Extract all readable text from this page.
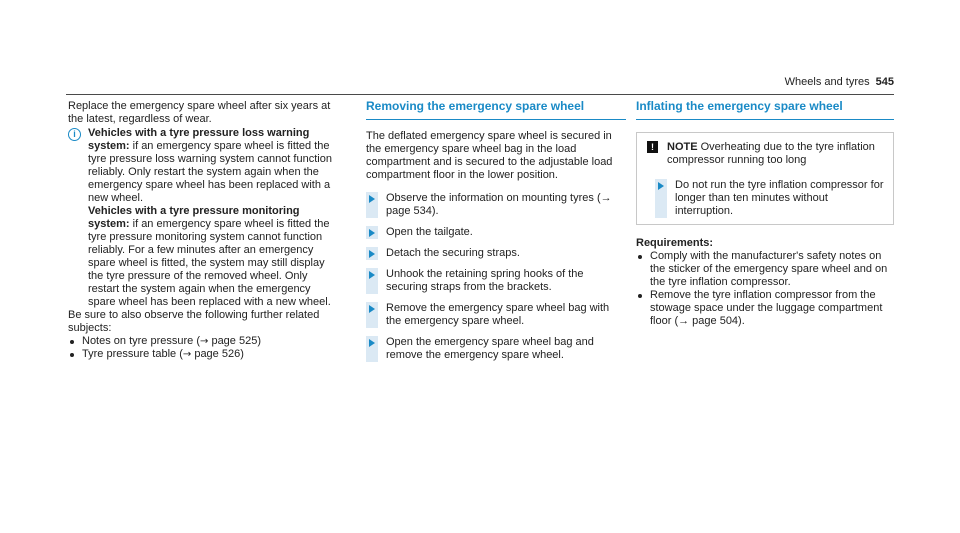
Wheels and tyres 545

Replace the emergency spare wheel after six years at the latest, regardless of wear.

i	Vehicles with a tyre pressure loss warning system: if an emergency spare wheel is fitted the tyre pressure loss warning system cannot function reliably. Only restart the system again when the emergency spare wheel has been replaced with a new wheel.
Vehicles with a tyre pressure monitoring system: if an emergency spare wheel is fitted the tyre pressure monitoring system cannot function reliably. For a few minutes after an emergency spare wheel is fitted, the system may still display the tyre pressure of the removed wheel. Only restart the system again when the emergency spare wheel has been replaced with a new wheel.

Be sure to also observe the following further related subjects:

Notes on tyre pressure (→ page 525)
Tyre pressure table (→ page 526)
Removing the emergency spare wheel

The deflated emergency spare wheel is secured in the emergency spare wheel bag in the load compartment and is secured to the adjustable load compartment floor in the lower position.

Observe the information on mounting tyres (→ page 534).
Open the tailgate.
Detach the securing straps.
Unhook the retaining spring hooks of the securing straps from the brackets.
Remove the emergency spare wheel bag with the emergency spare wheel.
Open the emergency spare wheel bag and remove the emergency spare wheel.
Inflating the emergency spare wheel
!	NOTE Overheating due to the tyre inflation compressor running too long
Do not run the tyre inflation compressor for longer than ten minutes without interruption.

Requirements:

Comply with the manufacturer's safety notes on the sticker of the emergency spare wheel and on the tyre inflation compressor.
Remove the tyre inflation compressor from the stowage space under the luggage compartment floor (→ page 504).
